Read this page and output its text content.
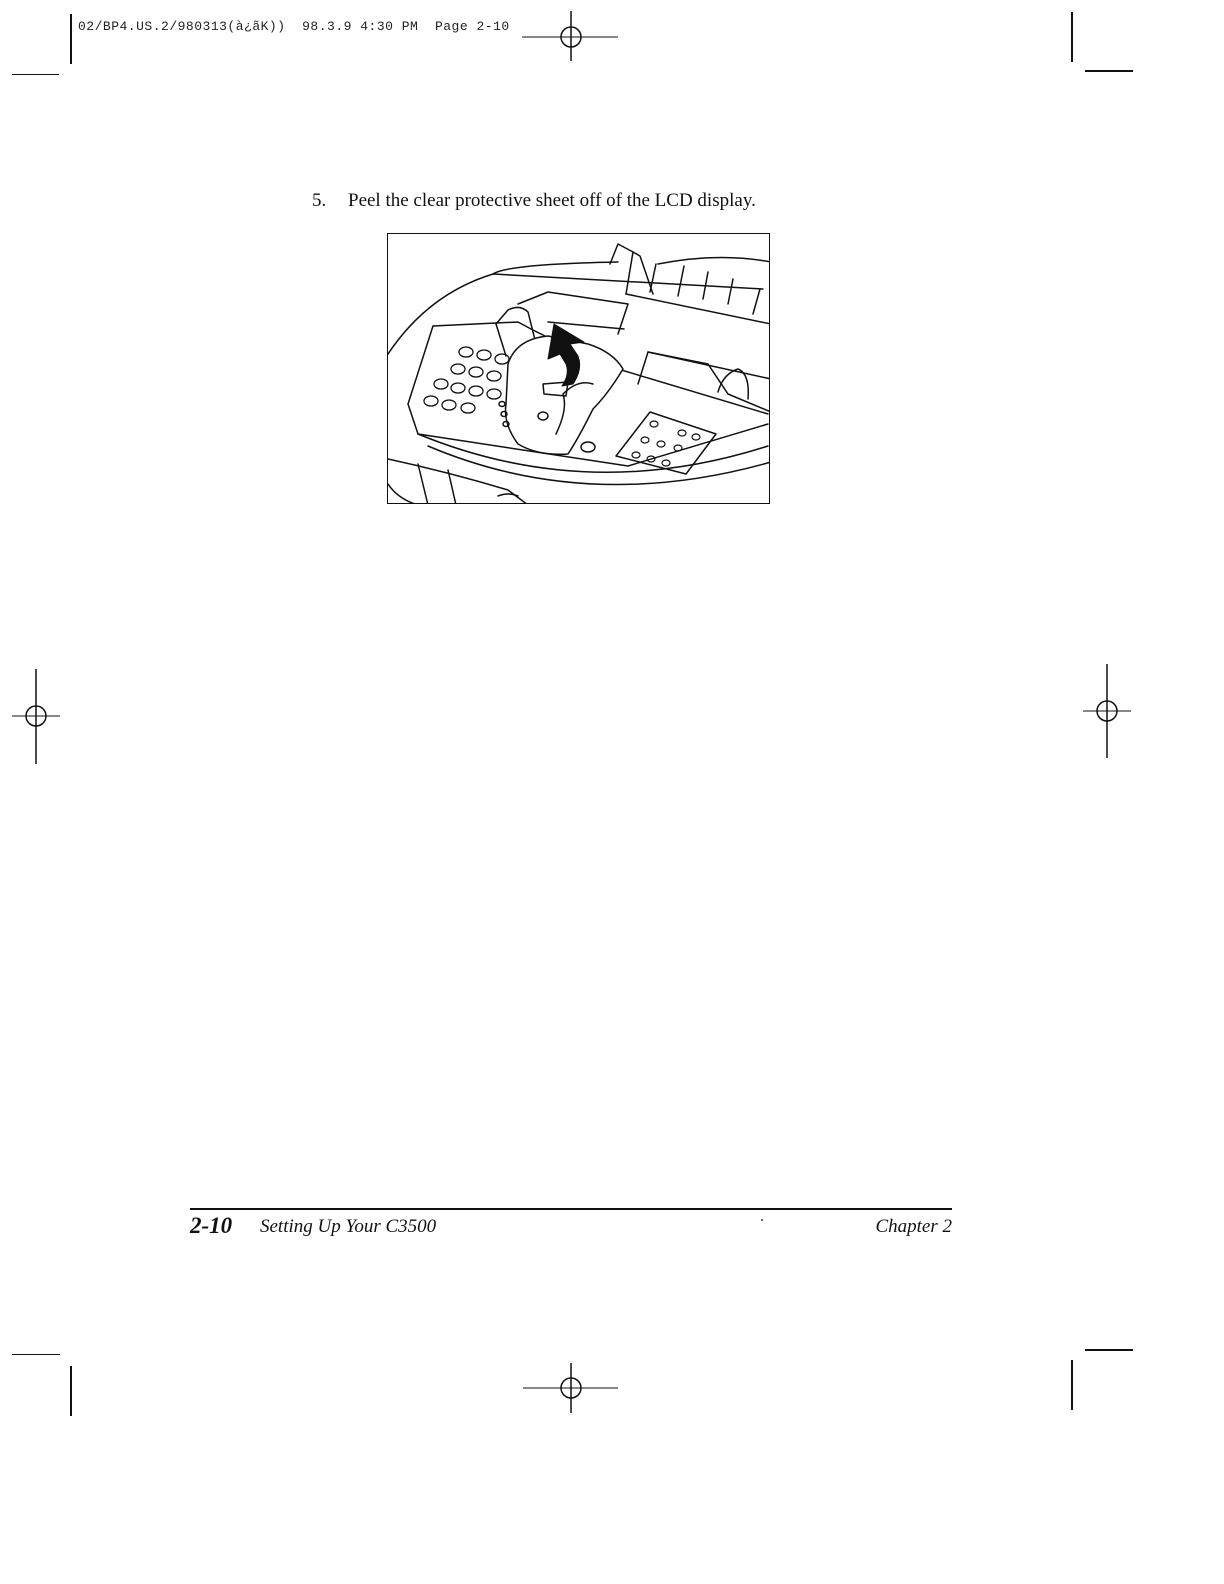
02/BP4.US.2/980313(à¿ãK))  98.3.9 4:30 PM  Page 2-10
5. Peel the clear protective sheet off of the LCD display.
2-10 Setting Up Your C3500	Chapter 2
